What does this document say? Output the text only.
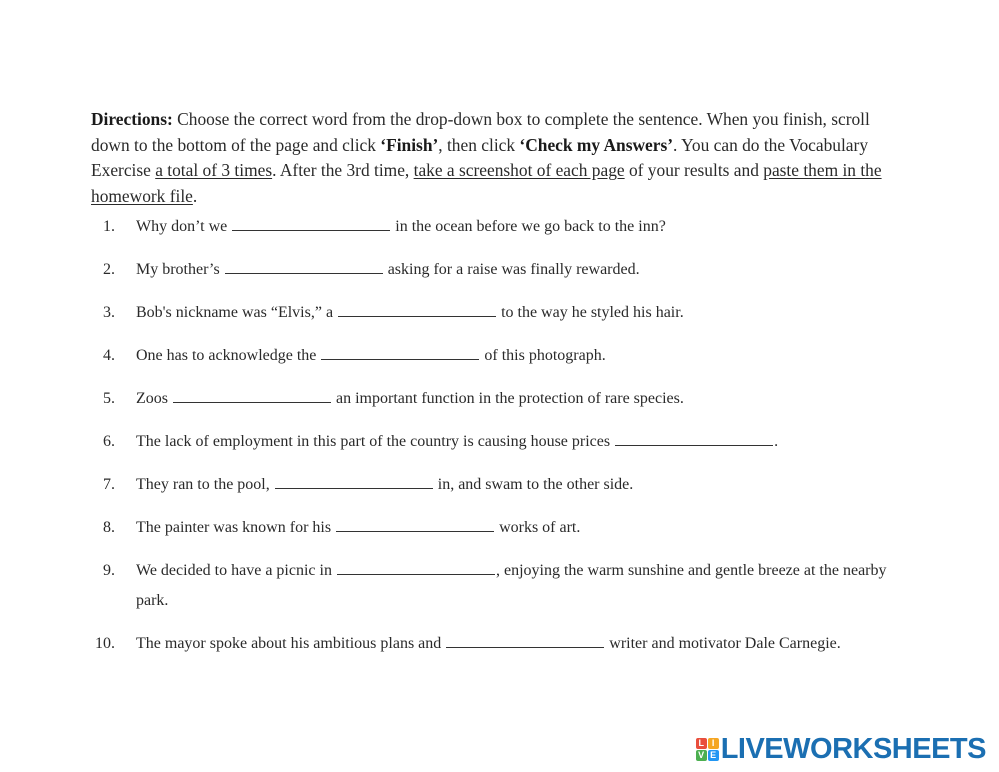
Directions: Choose the correct word from the drop-down box to complete the sentence. When you finish, scroll down to the bottom of the page and click ‘Finish’, then click ‘Check my Answers’. You can do the Vocabulary Exercise a total of 3 times. After the 3rd time, take a screenshot of each page of your results and paste them in the homework file.

1. Why don’t we	in the ocean before we go back to the inn?
2. My brother’s	asking for a raise was finally rewarded.
3. Bob's nickname was “Elvis,” a	to the way he styled his hair.
4. One has to acknowledge the	of this photograph.
5. Zoos	an important function in the protection of rare species.
6. The lack of employment in this part of the country is causing house prices	.
7. They ran to the pool,	in, and swam to the other side.
8. The painter was known for his	works of art.
9. We decided to have a picnic in	, enjoying the warm sunshine and gentle breeze at the nearby park.
10. The mayor spoke about his ambitious plans and	writer and motivator Dale Carnegie.
L I
V E LIVEWORKSHEETS
